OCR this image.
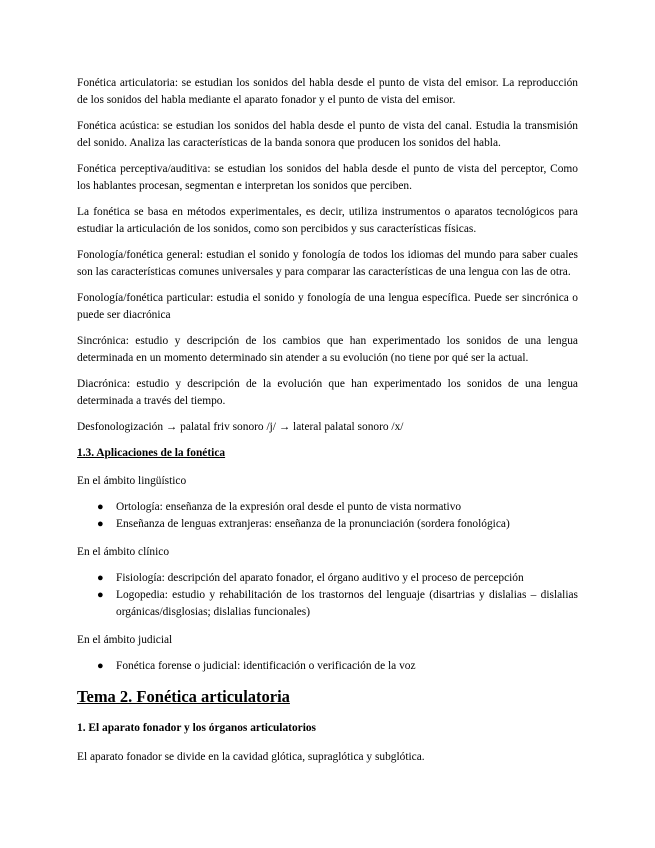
Fonética articulatoria: se estudian los sonidos del habla desde el punto de vista del emisor. La reproducción de los sonidos del habla mediante el aparato fonador y el punto de vista del emisor.

Fonética acústica: se estudian los sonidos del habla desde el punto de vista del canal. Estudia la transmisión del sonido. Analiza las características de la banda sonora que producen los sonidos del habla.

Fonética perceptiva/auditiva: se estudian los sonidos del habla desde el punto de vista del perceptor, Como los hablantes procesan, segmentan e interpretan los sonidos que perciben.

La fonética se basa en métodos experimentales, es decir, utiliza instrumentos o aparatos tecnológicos para estudiar la articulación de los sonidos, como son percibidos y sus características físicas.

Fonología/fonética general: estudian el sonido y fonología de todos los idiomas del mundo para saber cuales son las características comunes universales y para comparar las características de una lengua con las de otra.

Fonología/fonética particular: estudia el sonido y fonología de una lengua específica. Puede ser sincrónica o puede ser diacrónica

Sincrónica: estudio y descripción de los cambios que han experimentado los sonidos de una lengua determinada en un momento determinado sin atender a su evolución (no tiene por qué ser la actual.

Diacrónica: estudio y descripción de la evolución que han experimentado los sonidos de una lengua determinada a través del tiempo.

Desfonologización → palatal friv sonoro /j/ → lateral palatal sonoro /x/

1.3. Aplicaciones de la fonética

En el ámbito lingüístico

● Ortología: enseñanza de la expresión oral desde el punto de vista normativo
● Enseñanza de lenguas extranjeras: enseñanza de la pronunciación (sordera fonológica)

En el ámbito clínico

● Fisiología: descripción del aparato fonador, el órgano auditivo y el proceso de percepción
● Logopedia: estudio y rehabilitación de los trastornos del lenguaje (disartrias y dislalias – dislalias orgánicas/disglosias; dislalias funcionales)

En el ámbito judicial

● Fonética forense o judicial: identificación o verificación de la voz

Tema 2. Fonética articulatoria

1. El aparato fonador y los órganos articulatorios

El aparato fonador se divide en la cavidad glótica, supraglótica y subglótica.
